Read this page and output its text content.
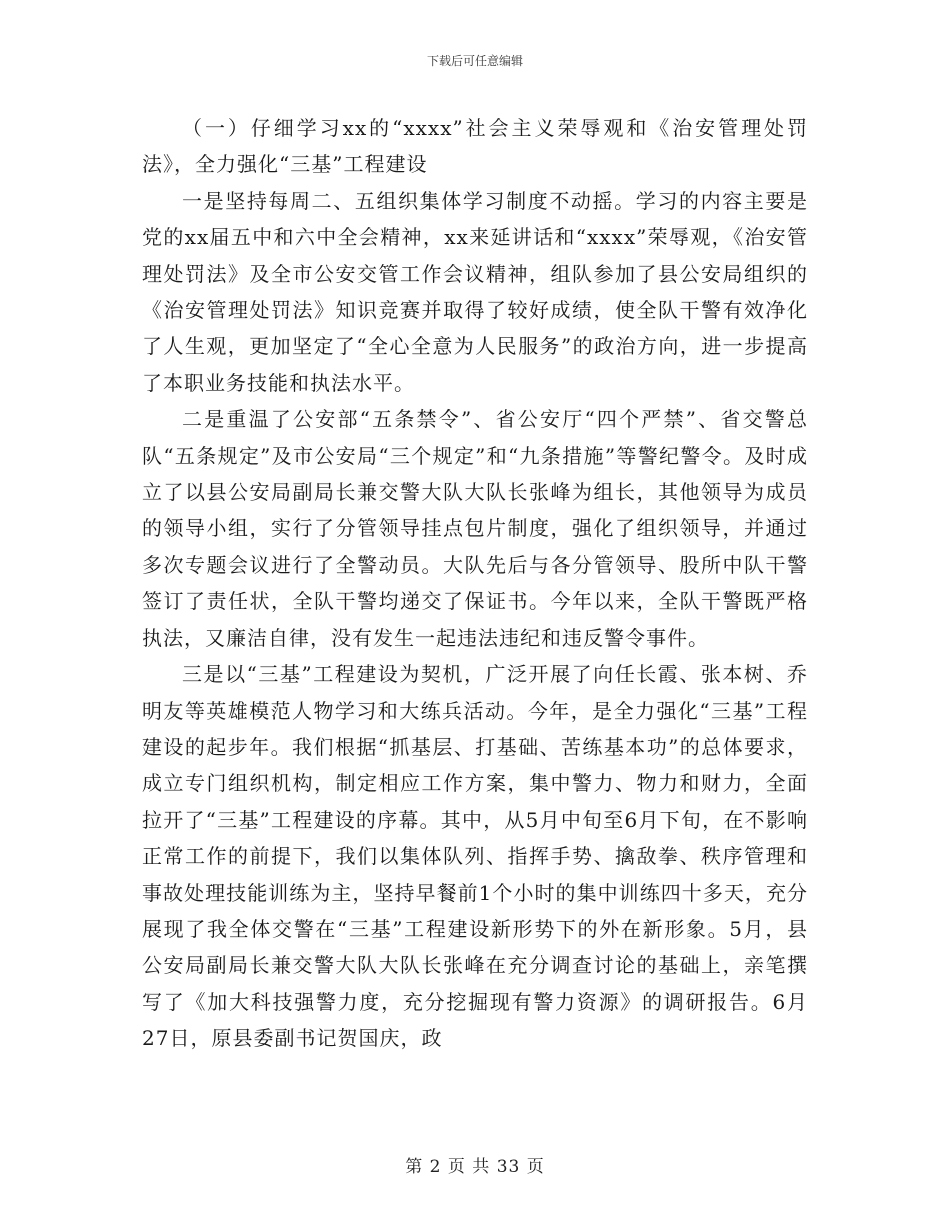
下载后可任意编辑

（一）仔细学习xx的“xxxx”社会主义荣辱观和《治安管理处罚法》，全力强化“三基”工程建设

一是坚持每周二、五组织集体学习制度不动摇。学习的内容主要是党的xx届五中和六中全会精神，xx来延讲话和“xxxx”荣辱观，《治安管理处罚法》及全市公安交管工作会议精神，组队参加了县公安局组织的《治安管理处罚法》知识竞赛并取得了较好成绩，使全队干警有效净化了人生观，更加坚定了“全心全意为人民服务”的政治方向，进一步提高了本职业务技能和执法水平。

二是重温了公安部“五条禁令”、省公安厅“四个严禁”、省交警总队“五条规定”及市公安局“三个规定”和“九条措施”等警纪警令。及时成立了以县公安局副局长兼交警大队大队长张峰为组长，其他领导为成员的领导小组，实行了分管领导挂点包片制度，强化了组织领导，并通过多次专题会议进行了全警动员。大队先后与各分管领导、股所中队干警签订了责任状，全队干警均递交了保证书。今年以来，全队干警既严格执法，又廉洁自律，没有发生一起违法违纪和违反警令事件。

三是以“三基”工程建设为契机，广泛开展了向任长霞、张本树、乔明友等英雄模范人物学习和大练兵活动。今年，是全力强化“三基”工程建设的起步年。我们根据“抓基层、打基础、苦练基本功”的总体要求，成立专门组织机构，制定相应工作方案，集中警力、物力和财力，全面拉开了“三基”工程建设的序幕。其中，从5月中旬至6月下旬，在不影响正常工作的前提下，我们以集体队列、指挥手势、擒敌拳、秩序管理和事故处理技能训练为主，坚持早餐前1个小时的集中训练四十多天，充分展现了我全体交警在“三基”工程建设新形势下的外在新形象。5月，县公安局副局长兼交警大队大队长张峰在充分调查讨论的基础上，亲笔撰写了《加大科技强警力度，充分挖掘现有警力资源》的调研报告。6月27日，原县委副书记贺国庆，政

第 2 页 共 33 页
